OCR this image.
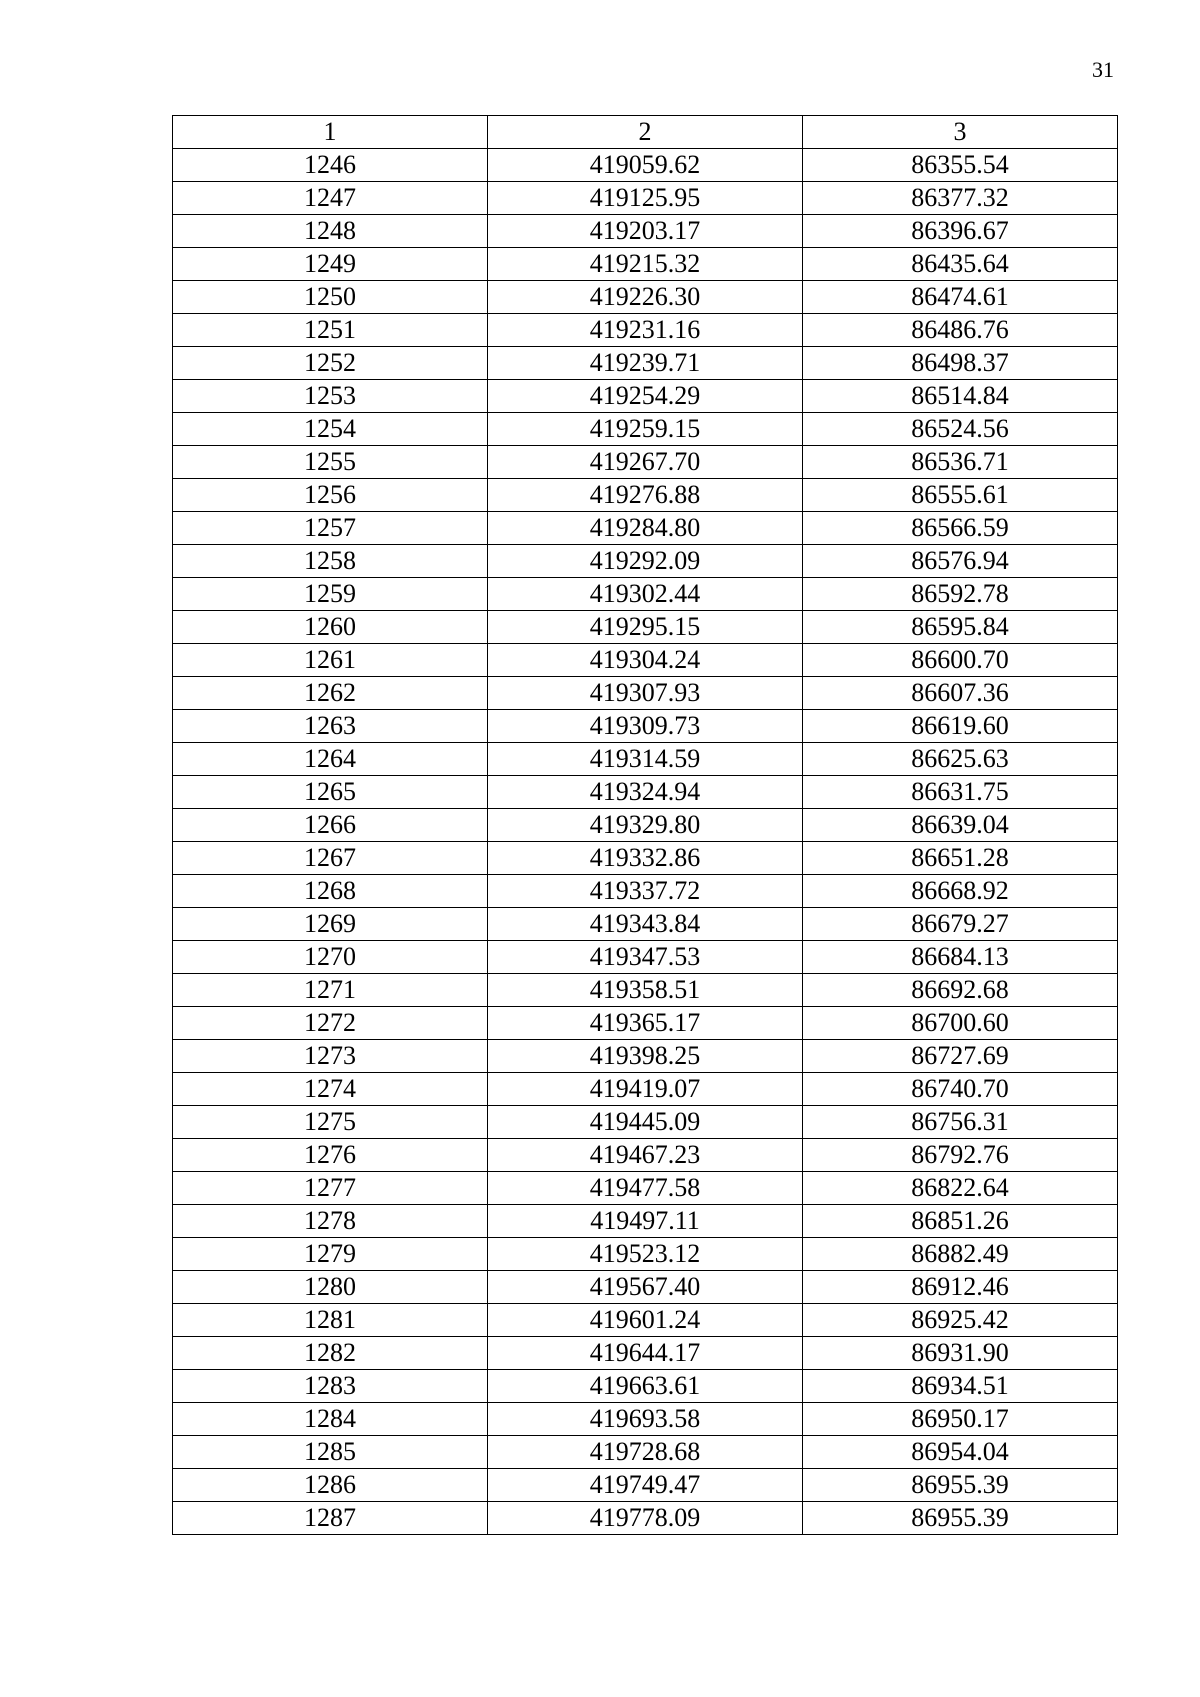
31
1	2	3
1246	419059.62	86355.54
1247	419125.95	86377.32
1248	419203.17	86396.67
1249	419215.32	86435.64
1250	419226.30	86474.61
1251	419231.16	86486.76
1252	419239.71	86498.37
1253	419254.29	86514.84
1254	419259.15	86524.56
1255	419267.70	86536.71
1256	419276.88	86555.61
1257	419284.80	86566.59
1258	419292.09	86576.94
1259	419302.44	86592.78
1260	419295.15	86595.84
1261	419304.24	86600.70
1262	419307.93	86607.36
1263	419309.73	86619.60
1264	419314.59	86625.63
1265	419324.94	86631.75
1266	419329.80	86639.04
1267	419332.86	86651.28
1268	419337.72	86668.92
1269	419343.84	86679.27
1270	419347.53	86684.13
1271	419358.51	86692.68
1272	419365.17	86700.60
1273	419398.25	86727.69
1274	419419.07	86740.70
1275	419445.09	86756.31
1276	419467.23	86792.76
1277	419477.58	86822.64
1278	419497.11	86851.26
1279	419523.12	86882.49
1280	419567.40	86912.46
1281	419601.24	86925.42
1282	419644.17	86931.90
1283	419663.61	86934.51
1284	419693.58	86950.17
1285	419728.68	86954.04
1286	419749.47	86955.39
1287	419778.09	86955.39
